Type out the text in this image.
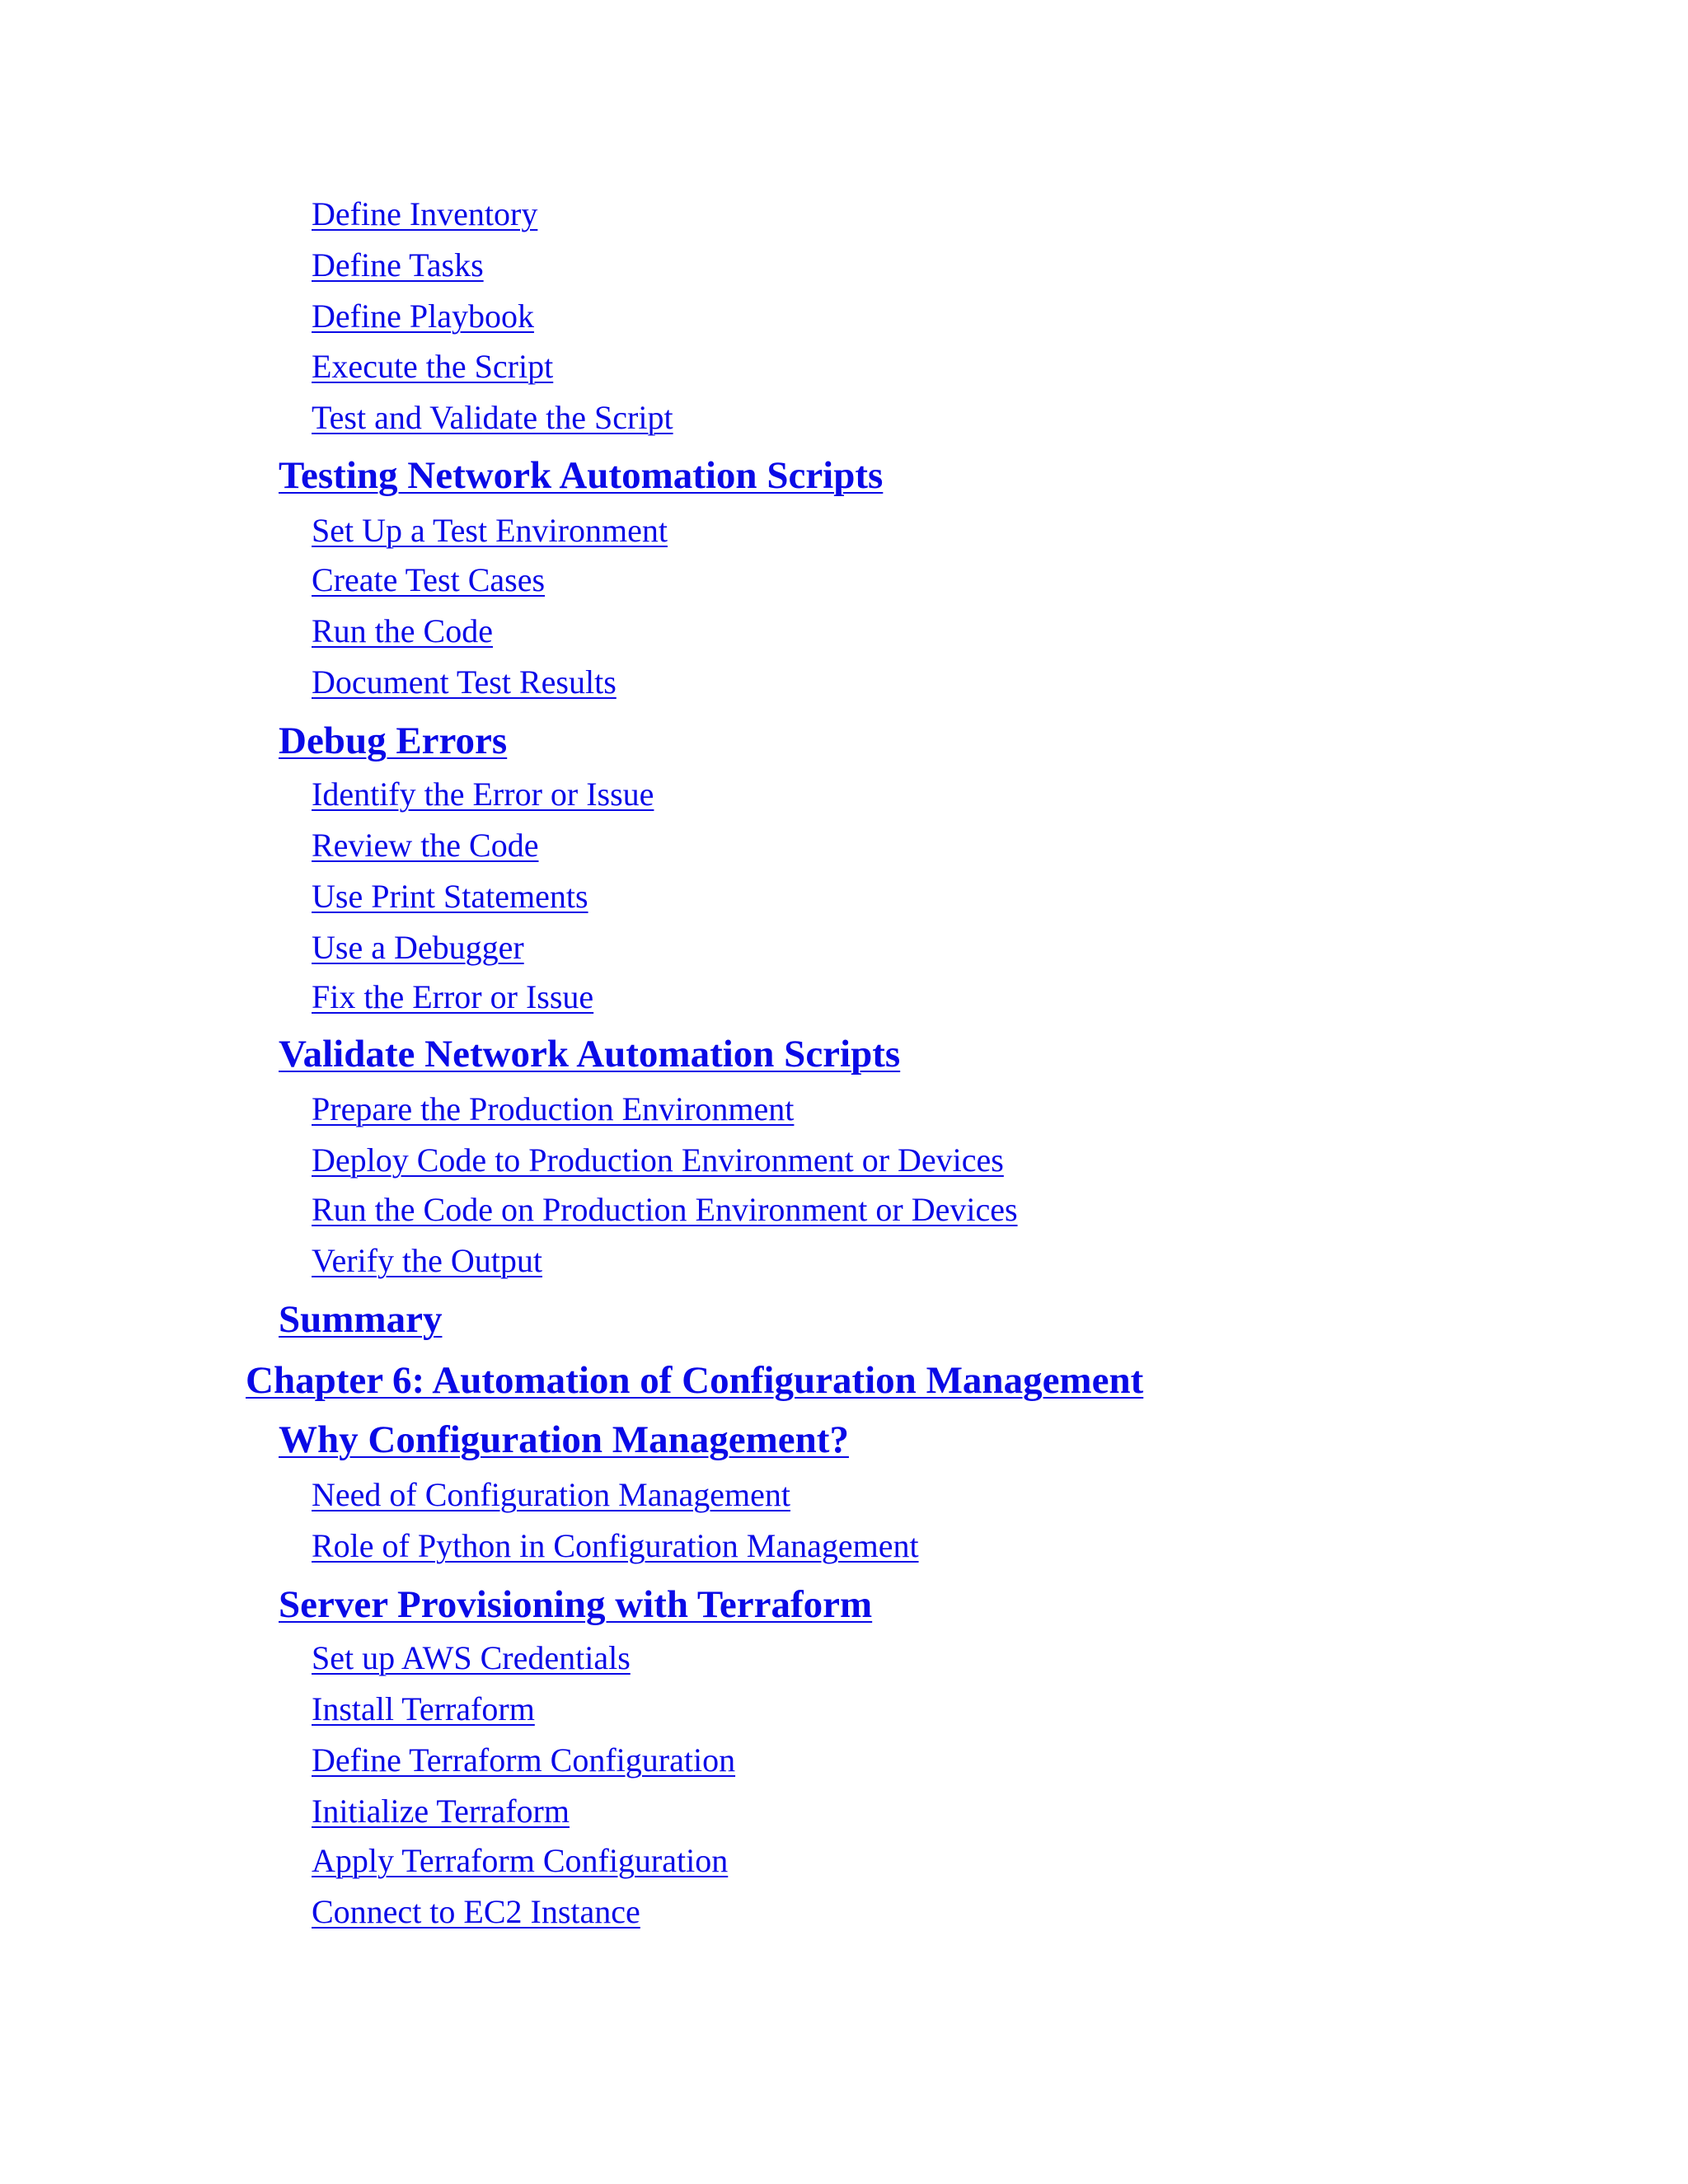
Define Inventory
Define Tasks
Define Playbook
Execute the Script
Test and Validate the Script
Testing Network Automation Scripts
Set Up a Test Environment
Create Test Cases
Run the Code
Document Test Results
Debug Errors
Identify the Error or Issue
Review the Code
Use Print Statements
Use a Debugger
Fix the Error or Issue
Validate Network Automation Scripts
Prepare the Production Environment
Deploy Code to Production Environment or Devices
Run the Code on Production Environment or Devices
Verify the Output
Summary
Chapter 6: Automation of Configuration Management
Why Configuration Management?
Need of Configuration Management
Role of Python in Configuration Management
Server Provisioning with Terraform
Set up AWS Credentials
Install Terraform
Define Terraform Configuration
Initialize Terraform
Apply Terraform Configuration
Connect to EC2 Instance
